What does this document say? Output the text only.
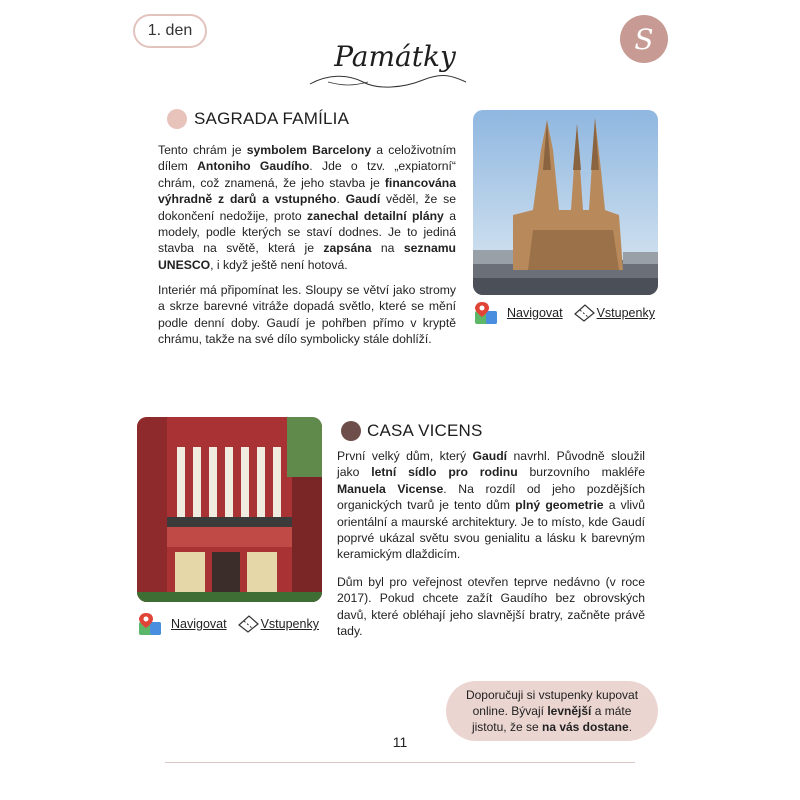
1. den	S
Památky
SAGRADA FAMÍLIA
Tento chrám je symbolem Barcelony a celoživotním dílem Antoniho Gaudího. Jde o tzv. „expiatorní“ chrám, což znamená, že jeho stavba je financována výhradně z darů a vstupného. Gaudí věděl, že se dokončení nedožije, proto zanechal detailní plány a modely, podle kterých se staví dodnes. Je to jediná stavba na světě, která je zapsána na seznamu UNESCO, i když ještě není hotová.
Interiér má připomínat les. Sloupy se větví jako stromy a skrze barevné vitráže dopadá světlo, které se mění podle denní doby. Gaudí je pohřben přímo v kryptě chrámu, takže na své dílo symbolicky stále dohlíží.
Navigovat	Vstupenky
CASA VICENS
První velký dům, který Gaudí navrhl. Původně sloužil jako letní sídlo pro rodinu burzovního makléře Manuela Vicense. Na rozdíl od jeho pozdějších organických tvarů je tento dům plný geometrie a vlivů orientální a maurské architektury. Je to místo, kde Gaudí poprvé ukázal světu svou genialitu a lásku k barevným keramickým dlaždicím.
Dům byl pro veřejnost otevřen teprve nedávno (v roce 2017). Pokud chcete zažít Gaudího bez obrovských davů, které obléhají jeho slavnější bratry, začněte právě tady.
Navigovat	Vstupenky
Doporučuji si vstupenky kupovat online. Bývají levnější a máte jistotu, že se na vás dostane.
11
